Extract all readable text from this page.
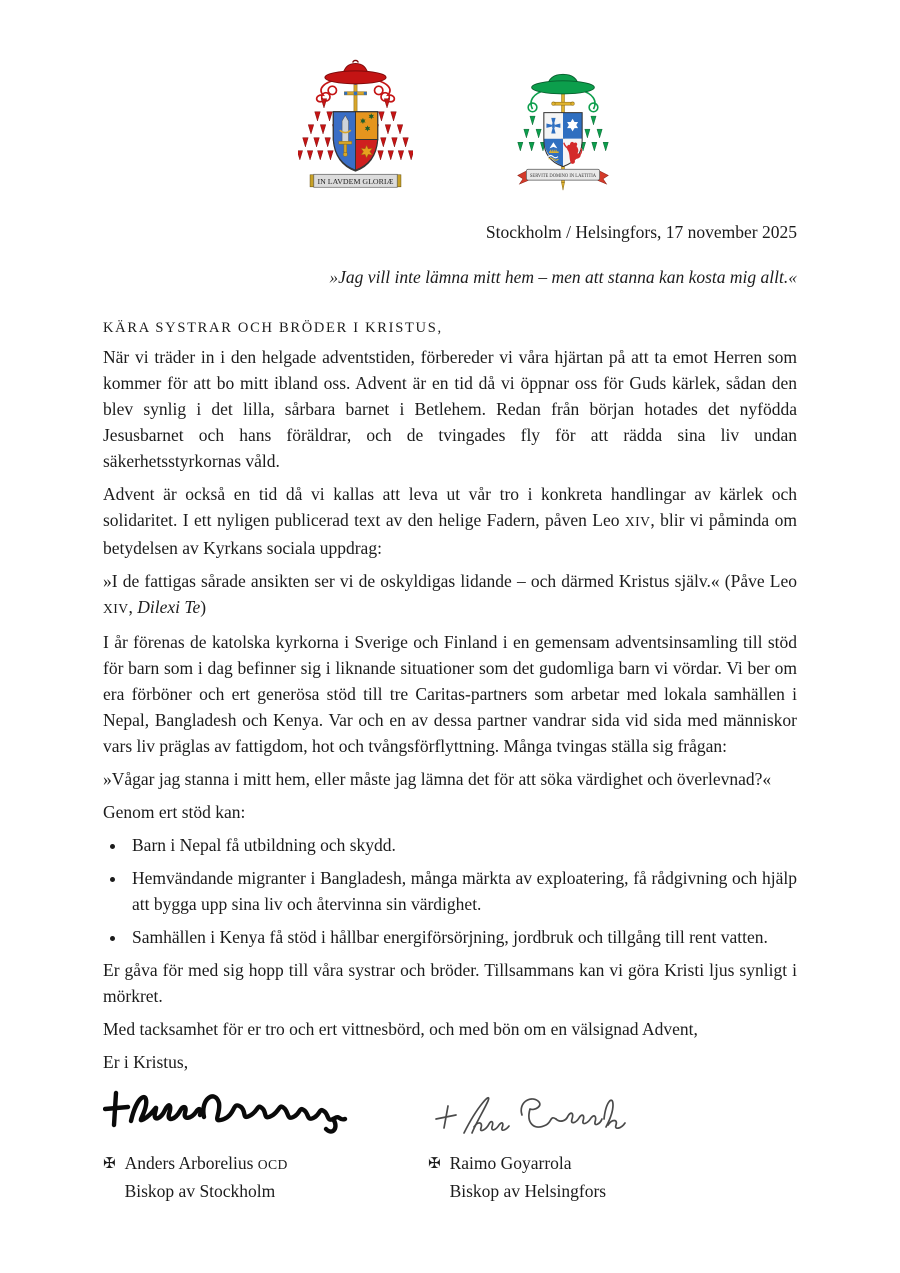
IN LAVDEM GLORIÆ
SERVITE DOMINO IN LAETITIA
Stockholm / Helsingfors, 17 november 2025
»Jag vill inte lämna mitt hem – men att stanna kan kosta mig allt.«
KÄRA SYSTRAR OCH BRÖDER I KRISTUS,

När vi träder in i den helgade adventstiden, förbereder vi våra hjärtan på att ta emot Herren som kommer för att bo mitt ibland oss. Advent är en tid då vi öppnar oss för Guds kärlek, sådan den blev synlig i det lilla, sårbara barnet i Betlehem. Redan från början hotades det nyfödda Jesusbarnet och hans föräldrar, och de tvingades fly för att rädda sina liv undan säkerhetsstyrkornas våld.

Advent är också en tid då vi kallas att leva ut vår tro i konkreta handlingar av kärlek och solidaritet. I ett nyligen publicerad text av den helige Fadern, påven Leo XIV, blir vi påminda om betydelsen av Kyrkans sociala uppdrag:

»I de fattigas sårade ansikten ser vi de oskyldigas lidande – och därmed Kristus själv.« (Påve Leo XIV, Dilexi Te)

I år förenas de katolska kyrkorna i Sverige och Finland i en gemensam adventsinsamling till stöd för barn som i dag befinner sig i liknande situationer som det gudomliga barn vi vördar. Vi ber om era förböner och ert generösa stöd till tre Caritas-partners som arbetar med lokala samhällen i Nepal, Bangladesh och Kenya. Var och en av dessa partner vandrar sida vid sida med människor vars liv präglas av fattigdom, hot och tvångsförflyttning. Många tvingas ställa sig frågan:

»Vågar jag stanna i mitt hem, eller måste jag lämna det för att söka värdighet och överlevnad?«

Genom ert stöd kan:

• Barn i Nepal få utbildning och skydd.
• Hemvändande migranter i Bangladesh, många märkta av exploatering, få rådgivning och hjälp att bygga upp sina liv och återvinna sin värdighet.
• Samhällen i Kenya få stöd i hållbar energiförsörjning, jordbruk och tillgång till rent vatten.

Er gåva för med sig hopp till våra systrar och bröder. Tillsammans kan vi göra Kristi ljus synligt i mörkret.

Med tacksamhet för er tro och ert vittnesbörd, och med bön om en välsignad Advent,

Er i Kristus,

✠ Anders Arborelius OCD
Biskop av Stockholm
✠ Raimo Goyarrola
Biskop av Helsingfors
